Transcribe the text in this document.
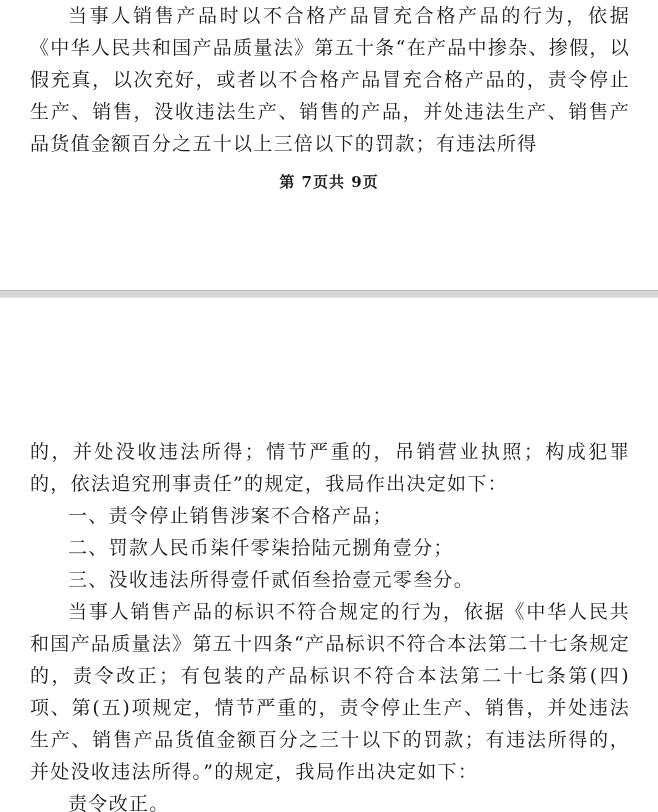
当事人销售产品时以不合格产品冒充合格产品的行为，依据《中华人民共和国产品质量法》第五十条“在产品中掺杂、掺假，以假充真，以次充好，或者以不合格产品冒充合格产品的，责令停止生产、销售，没收违法生产、销售的产品，并处违法生产、销售产品货值金额百分之五十以上三倍以下的罚款；有违法所得

第 7页共 9页

的，并处没收违法所得；情节严重的，吊销营业执照；构成犯罪的，依法追究刑事责任”的规定，我局作出决定如下：

一、责令停止销售涉案不合格产品；

二、罚款人民币柒仟零柒拾陆元捌角壹分；

三、没收违法所得壹仟贰佰叁拾壹元零叁分。

当事人销售产品的标识不符合规定的行为，依据《中华人民共和国产品质量法》第五十四条“产品标识不符合本法第二十七条规定的，责令改正；有包装的产品标识不符合本法第二十七条第(四)项、第(五)项规定，情节严重的，责令停止生产、销售，并处违法生产、销售产品货值金额百分之三十以下的罚款；有违法所得的，并处没收违法所得。”的规定，我局作出决定如下：

责令改正。
